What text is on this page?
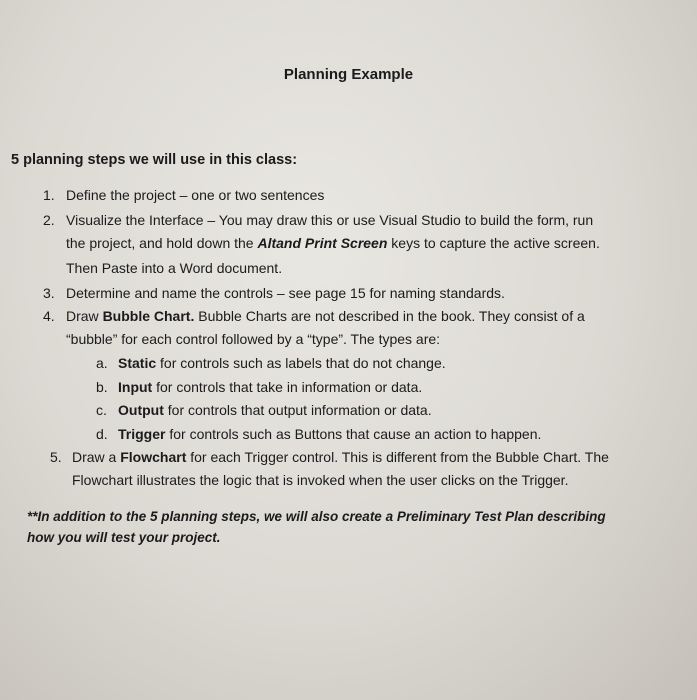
Planning Example
5 planning steps we will use in this class:
1. Define the project – one or two sentences
2. Visualize the Interface – You may draw this or use Visual Studio to build the form, run
the project, and hold down the Altand Print Screen keys to capture the active screen.
Then Paste into a Word document.
3. Determine and name the controls – see page 15 for naming standards.
4. Draw Bubble Chart. Bubble Charts are not described in the book. They consist of a
“bubble” for each control followed by a “type”. The types are:
a. Static for controls such as labels that do not change.
b. Input for controls that take in information or data.
c. Output for controls that output information or data.
d. Trigger for controls such as Buttons that cause an action to happen.
5. Draw a Flowchart for each Trigger control. This is different from the Bubble Chart. The
Flowchart illustrates the logic that is invoked when the user clicks on the Trigger.
**In addition to the 5 planning steps, we will also create a Preliminary Test Plan describing
how you will test your project.
